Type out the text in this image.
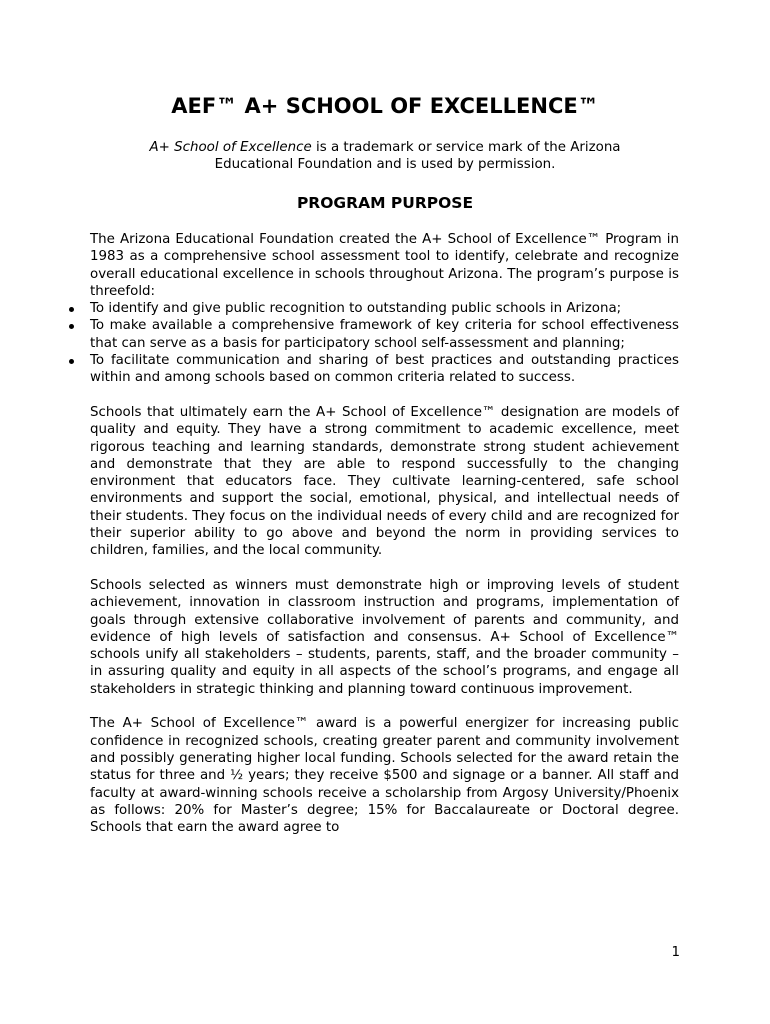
AEF™ A+ SCHOOL OF EXCELLENCE™

A+ School of Excellence is a trademark or service mark of the Arizona Educational Foundation and is used by permission.

PROGRAM PURPOSE

The Arizona Educational Foundation created the A+ School of Excellence™ Program in 1983 as a comprehensive school assessment tool to identify, celebrate and recognize overall educational excellence in schools throughout Arizona. The program’s purpose is threefold:

To identify and give public recognition to outstanding public schools in Arizona;
To make available a comprehensive framework of key criteria for school effectiveness that can serve as a basis for participatory school self-assessment and planning;
To facilitate communication and sharing of best practices and outstanding practices within and among schools based on common criteria related to success.

Schools that ultimately earn the A+ School of Excellence™ designation are models of quality and equity. They have a strong commitment to academic excellence, meet rigorous teaching and learning standards, demonstrate strong student achievement and demonstrate that they are able to respond successfully to the changing environment that educators face. They cultivate learning-centered, safe school environments and support the social, emotional, physical, and intellectual needs of their students. They focus on the individual needs of every child and are recognized for their superior ability to go above and beyond the norm in providing services to children, families, and the local community.

Schools selected as winners must demonstrate high or improving levels of student achievement, innovation in classroom instruction and programs, implementation of goals through extensive collaborative involvement of parents and community, and evidence of high levels of satisfaction and consensus. A+ School of Excellence™ schools unify all stakeholders – students, parents, staff, and the broader community – in assuring quality and equity in all aspects of the school’s programs, and engage all stakeholders in strategic thinking and planning toward continuous improvement.

The A+ School of Excellence™ award is a powerful energizer for increasing public confidence in recognized schools, creating greater parent and community involvement and possibly generating higher local funding. Schools selected for the award retain the status for three and ½ years; they receive $500 and signage or a banner. All staff and faculty at award-winning schools receive a scholarship from Argosy University/Phoenix as follows: 20% for Master’s degree; 15% for Baccalaureate or Doctoral degree. Schools that earn the award agree to

1
